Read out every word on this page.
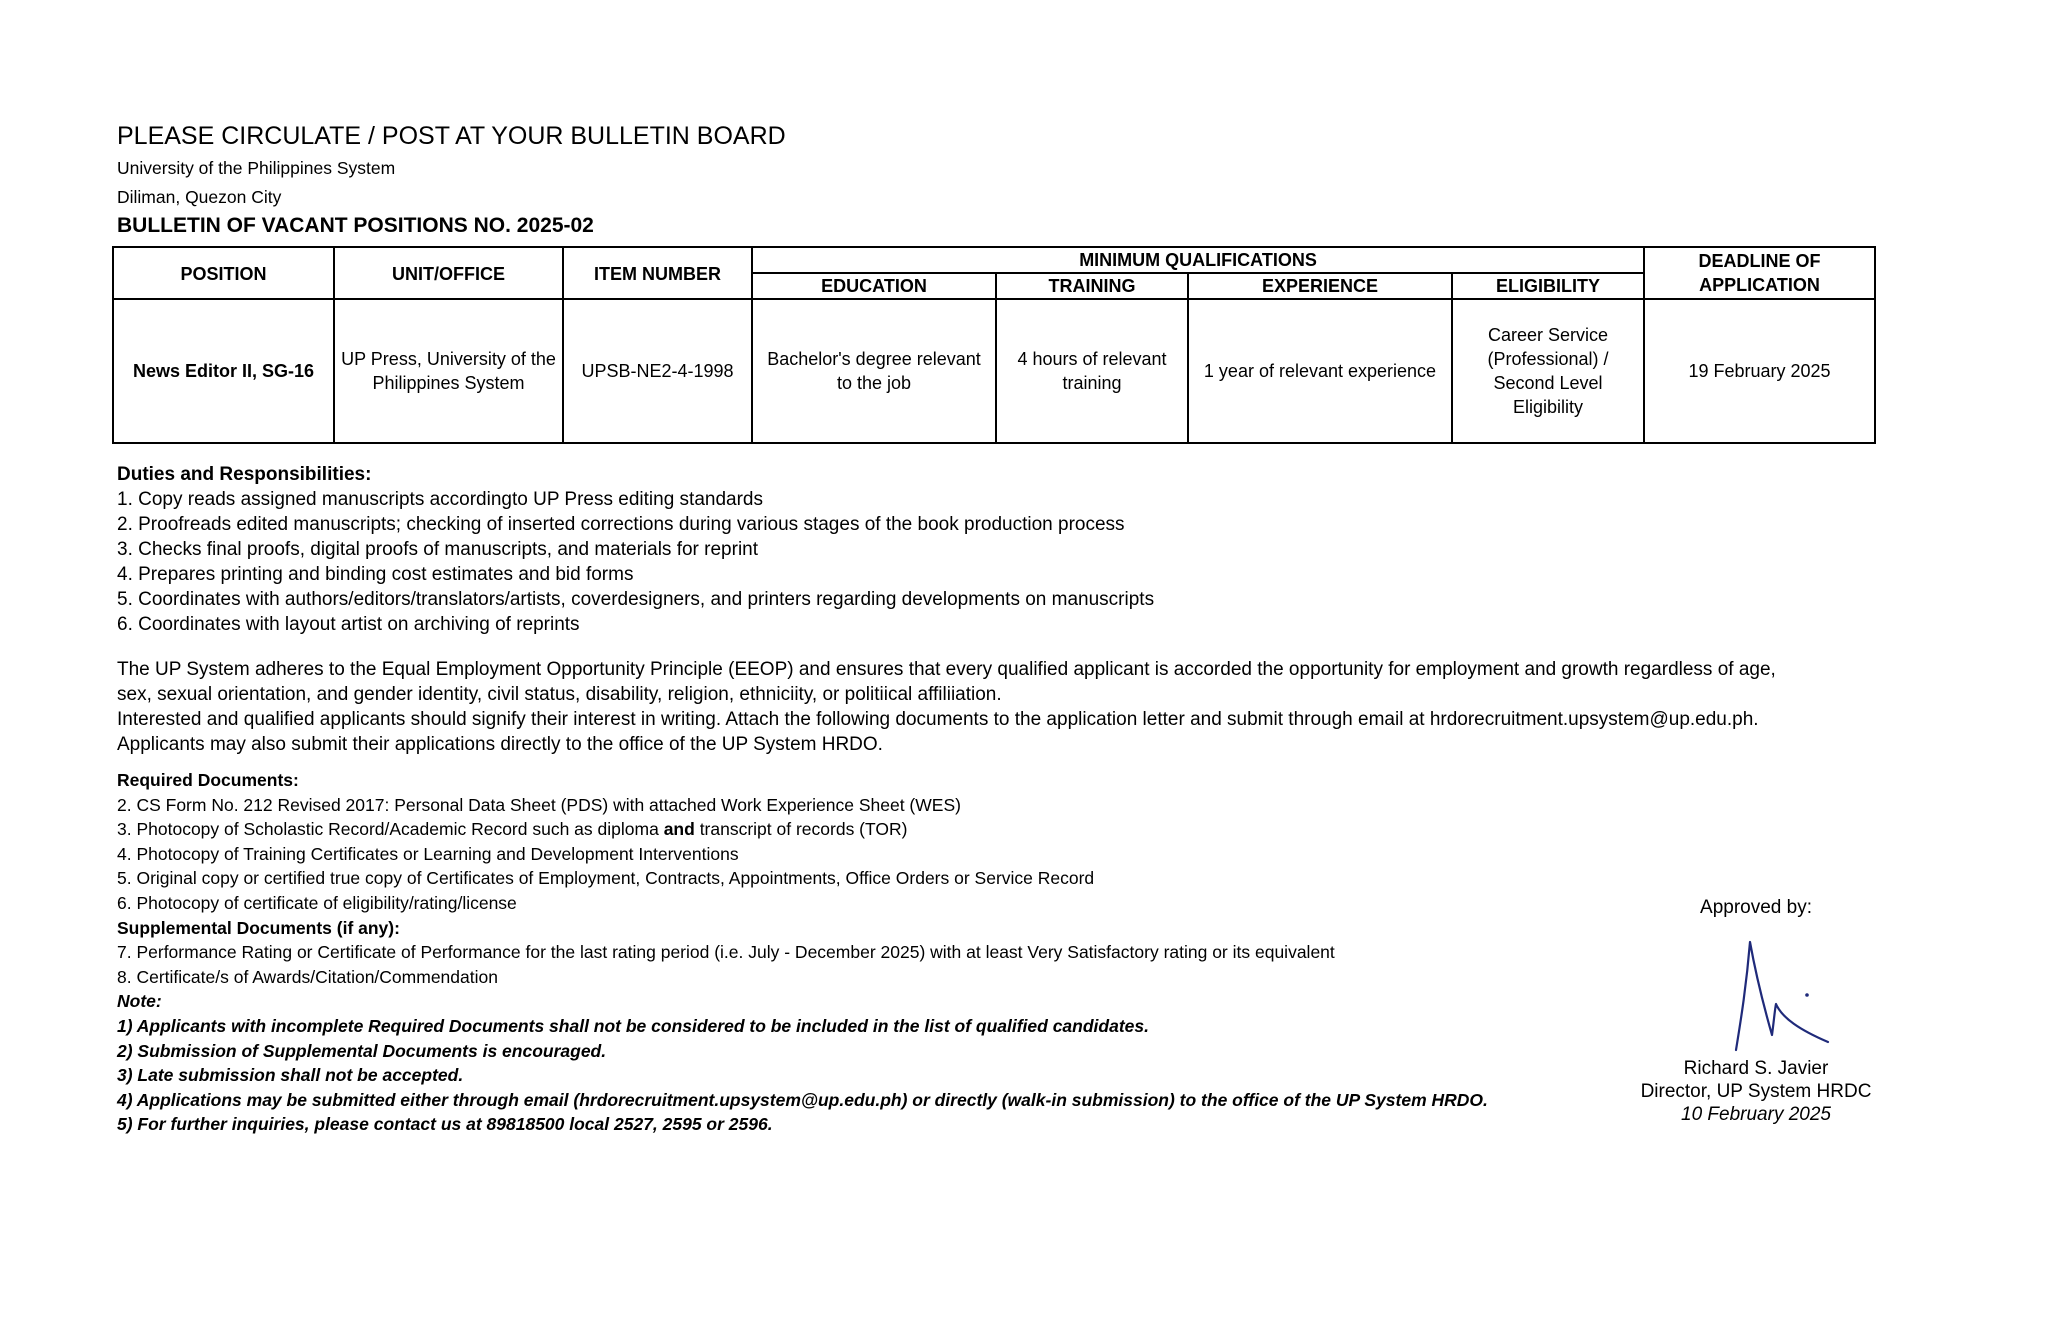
PLEASE CIRCULATE / POST AT YOUR BULLETIN BOARD
University of the Philippines System
Diliman, Quezon City
BULLETIN OF VACANT POSITIONS NO. 2025-02
POSITION	UNIT/OFFICE	ITEM NUMBER	MINIMUM QUALIFICATIONS				DEADLINE OF APPLICATION
			EDUCATION	TRAINING	EXPERIENCE	ELIGIBILITY	
News Editor II, SG-16	UP Press, University of the Philippines System	UPSB-NE2-4-1998	Bachelor's degree relevant to the job	4 hours of relevant training	1 year of relevant experience	Career Service (Professional) / Second Level Eligibility	19 February 2025
Duties and Responsibilities:
1. Copy reads assigned manuscripts accordingto UP Press editing standards
2. Proofreads edited manuscripts; checking of inserted corrections during various stages of the book production process
3. Checks final proofs, digital proofs of manuscripts, and materials for reprint
4. Prepares printing and binding cost estimates and bid forms
5. Coordinates with authors/editors/translators/artists, coverdesigners, and printers regarding developments on manuscripts
6. Coordinates with layout artist on archiving of reprints
The UP System adheres to the Equal Employment Opportunity Principle (EEOP) and ensures that every qualified applicant is accorded the opportunity for employment and growth regardless of age,
sex, sexual orientation, and gender identity, civil status, disability, religion, ethniciity, or politiical affiliiation.
Interested and qualified applicants should signify their interest in writing. Attach the following documents to the application letter and submit through email at hrdorecruitment.upsystem@up.edu.ph.
Applicants may also submit their applications directly to the office of the UP System HRDO.
Required Documents:
2. CS Form No. 212 Revised 2017: Personal Data Sheet (PDS) with attached Work Experience Sheet (WES)
3. Photocopy of Scholastic Record/Academic Record such as diploma and transcript of records (TOR)
4. Photocopy of Training Certificates or Learning and Development Interventions
5. Original copy or certified true copy of Certificates of Employment, Contracts, Appointments, Office Orders or Service Record
6. Photocopy of certificate of eligibility/rating/license
Supplemental Documents (if any):
7. Performance Rating or Certificate of Performance for the last rating period (i.e. July - December 2025) with at least Very Satisfactory rating or its equivalent
8. Certificate/s of Awards/Citation/Commendation
Note:
1) Applicants with incomplete Required Documents shall not be considered to be included in the list of qualified candidates.
2) Submission of Supplemental Documents is encouraged.
3) Late submission shall not be accepted.
4) Applications may be submitted either through email (hrdorecruitment.upsystem@up.edu.ph) or directly (walk-in submission) to the office of the UP System HRDO.
5) For further inquiries, please contact us at 89818500 local 2527, 2595 or 2596.
Approved by:
Richard S. Javier
Director, UP System HRDC
10 February 2025
